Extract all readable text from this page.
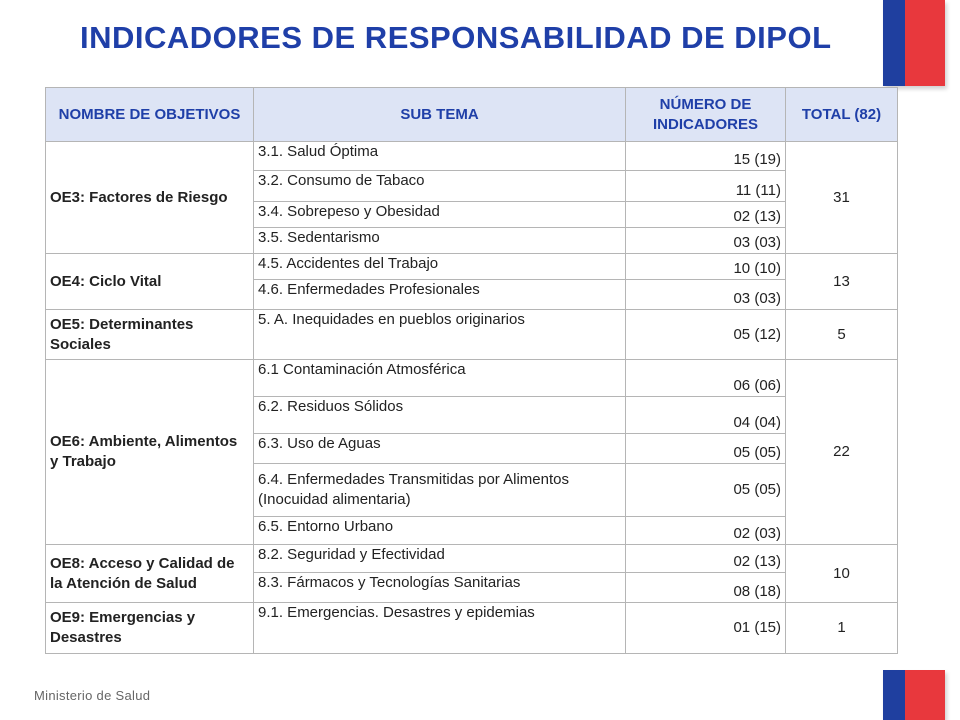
INDICADORES DE RESPONSABILIDAD DE DIPOL
NOMBRE DE OBJETIVOS	SUB TEMA	NÚMERO DE INDICADORES	TOTAL (82)
OE3: Factores de Riesgo	3.1. Salud Óptima	15 (19)	31
	3.2. Consumo de Tabaco	11 (11)	
	3.4. Sobrepeso y Obesidad	02 (13)	
	3.5. Sedentarismo	03 (03)	
OE4: Ciclo Vital	4.5. Accidentes del Trabajo	10 (10)	13
	4.6. Enfermedades Profesionales	03 (03)	
OE5: Determinantes Sociales	5. A. Inequidades en pueblos originarios	05 (12)	5
OE6: Ambiente, Alimentos y Trabajo	6.1 Contaminación Atmosférica	06 (06)	22
	6.2. Residuos Sólidos	04 (04)	
	6.3. Uso de Aguas	05 (05)	
	6.4. Enfermedades Transmitidas por Alimentos (Inocuidad alimentaria)	05 (05)	
	6.5. Entorno Urbano	02 (03)	
OE8: Acceso y Calidad de la Atención de Salud	8.2. Seguridad y Efectividad	02 (13)	10
	8.3. Fármacos y Tecnologías Sanitarias	08 (18)	
OE9: Emergencias y Desastres	9.1. Emergencias. Desastres y epidemias	01 (15)	1
Ministerio de Salud
